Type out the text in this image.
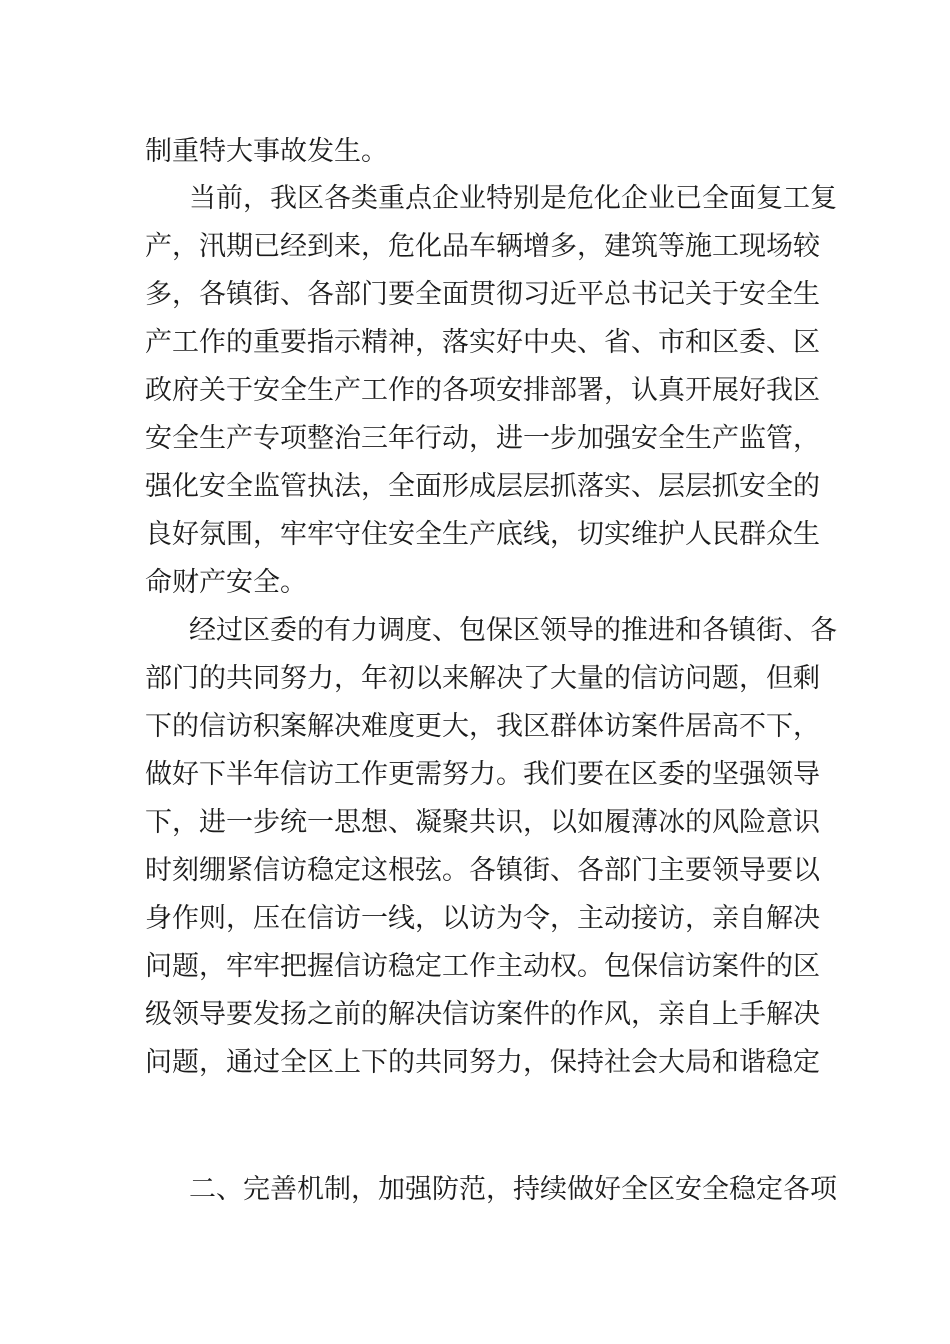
制重特大事故发生。
当前，我区各类重点企业特别是危化企业已全面复工复
产，汛期已经到来，危化品车辆增多，建筑等施工现场较
多，各镇街、各部门要全面贯彻习近平总书记关于安全生
产工作的重要指示精神，落实好中央、省、市和区委、区
政府关于安全生产工作的各项安排部署，认真开展好我区
安全生产专项整治三年行动，进一步加强安全生产监管，
强化安全监管执法，全面形成层层抓落实、层层抓安全的
良好氛围，牢牢守住安全生产底线，切实维护人民群众生
命财产安全。
经过区委的有力调度、包保区领导的推进和各镇街、各
部门的共同努力，年初以来解决了大量的信访问题，但剩
下的信访积案解决难度更大，我区群体访案件居高不下，
做好下半年信访工作更需努力。我们要在区委的坚强领导
下，进一步统一思想、凝聚共识，以如履薄冰的风险意识
时刻绷紧信访稳定这根弦。各镇街、各部门主要领导要以
身作则，压在信访一线，以访为令，主动接访，亲自解决
问题，牢牢把握信访稳定工作主动权。包保信访案件的区
级领导要发扬之前的解决信访案件的作风，亲自上手解决
问题，通过全区上下的共同努力，保持社会大局和谐稳定
二、完善机制，加强防范，持续做好全区安全稳定各项
